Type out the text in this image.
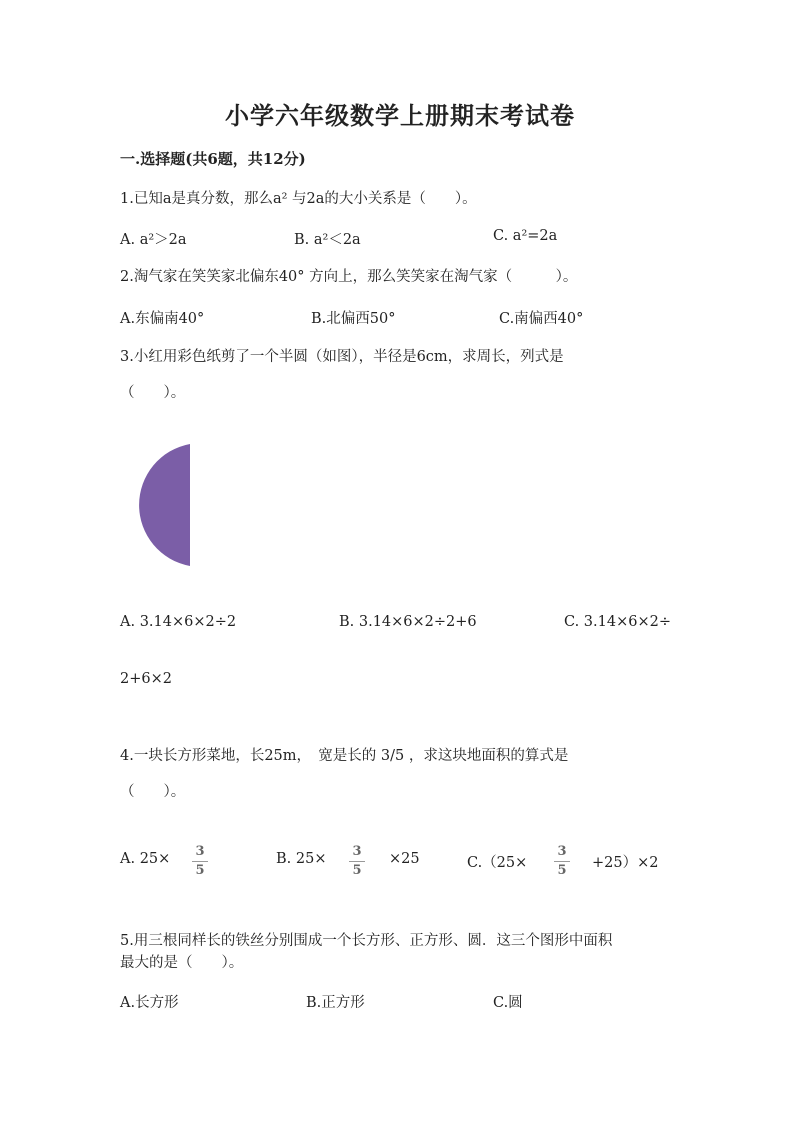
小学六年级数学上册期末考试卷
一.选择题(共6题，共12分)
1.已知a是真分数，那么a² 与2a的大小关系是（　　）。
A. a²＞2a	B. a²＜2a	C. a²=2a
2.淘气家在笑笑家北偏东40° 方向上，那么笑笑家在淘气家（　　　）。
A.东偏南40°	B.北偏西50°	C.南偏西40°
3.小红用彩色纸剪了一个半圆（如图），半径是6cm，求周长，列式是
（　　）。
A. 3.14×6×2÷2	B. 3.14×6×2÷2+6	C. 3.14×6×2÷
2+6×2
4.一块长方形菜地，长25m，　宽是长的 3/5 ，求这块地面积的算式是
（　　）。
A. 25× 3
5
B. 25× 3
5
×25	C.（25×
3
5 +25）×2
5.用三根同样长的铁丝分别围成一个长方形、正方形、圆．这三个图形中面积
最大的是（　　）。
A.长方形	B.正方形	C.圆
